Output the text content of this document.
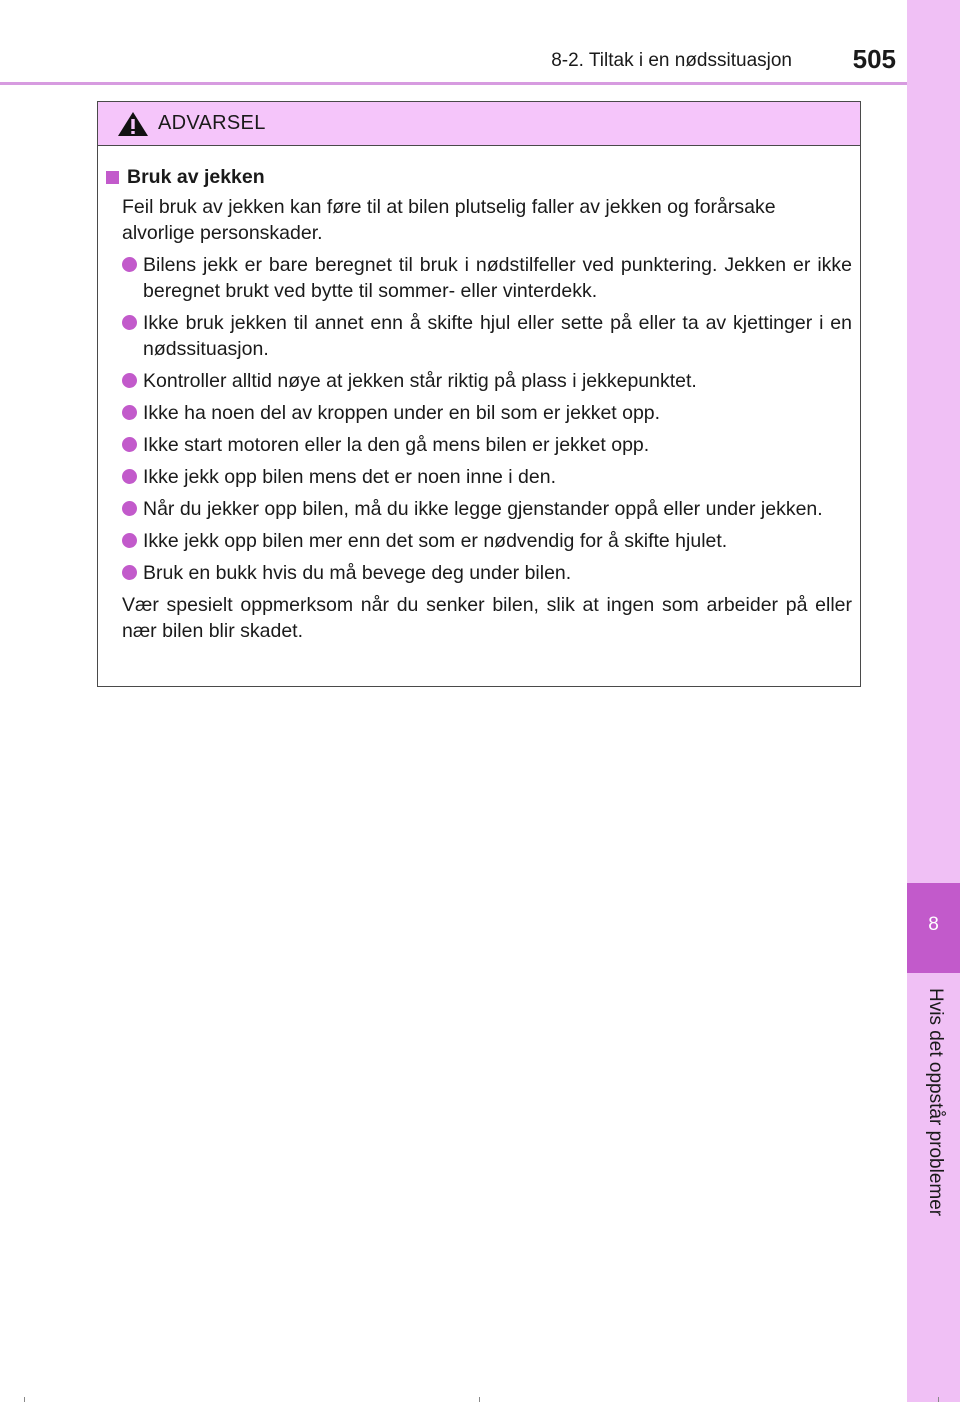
8
Hvis det oppstår problemer
8-2. Tiltak i en nødssituasjon	505
ADVARSEL
Bruk av jekken
Feil bruk av jekken kan føre til at bilen plutselig faller av jekken og forårsake alvorlige personskader.
Bilens jekk er bare beregnet til bruk i nødstilfeller ved punktering. Jekken er ikke beregnet brukt ved bytte til sommer- eller vinterdekk.
Ikke bruk jekken til annet enn å skifte hjul eller sette på eller ta av kjettinger i en nødssituasjon.
Kontroller alltid nøye at jekken står riktig på plass i jekkepunktet.
Ikke ha noen del av kroppen under en bil som er jekket opp.
Ikke start motoren eller la den gå mens bilen er jekket opp.
Ikke jekk opp bilen mens det er noen inne i den.
Når du jekker opp bilen, må du ikke legge gjenstander oppå eller under jekken.
Ikke jekk opp bilen mer enn det som er nødvendig for å skifte hjulet.
Bruk en bukk hvis du må bevege deg under bilen.
Vær spesielt oppmerksom når du senker bilen, slik at ingen som arbeider på eller nær bilen blir skadet.
